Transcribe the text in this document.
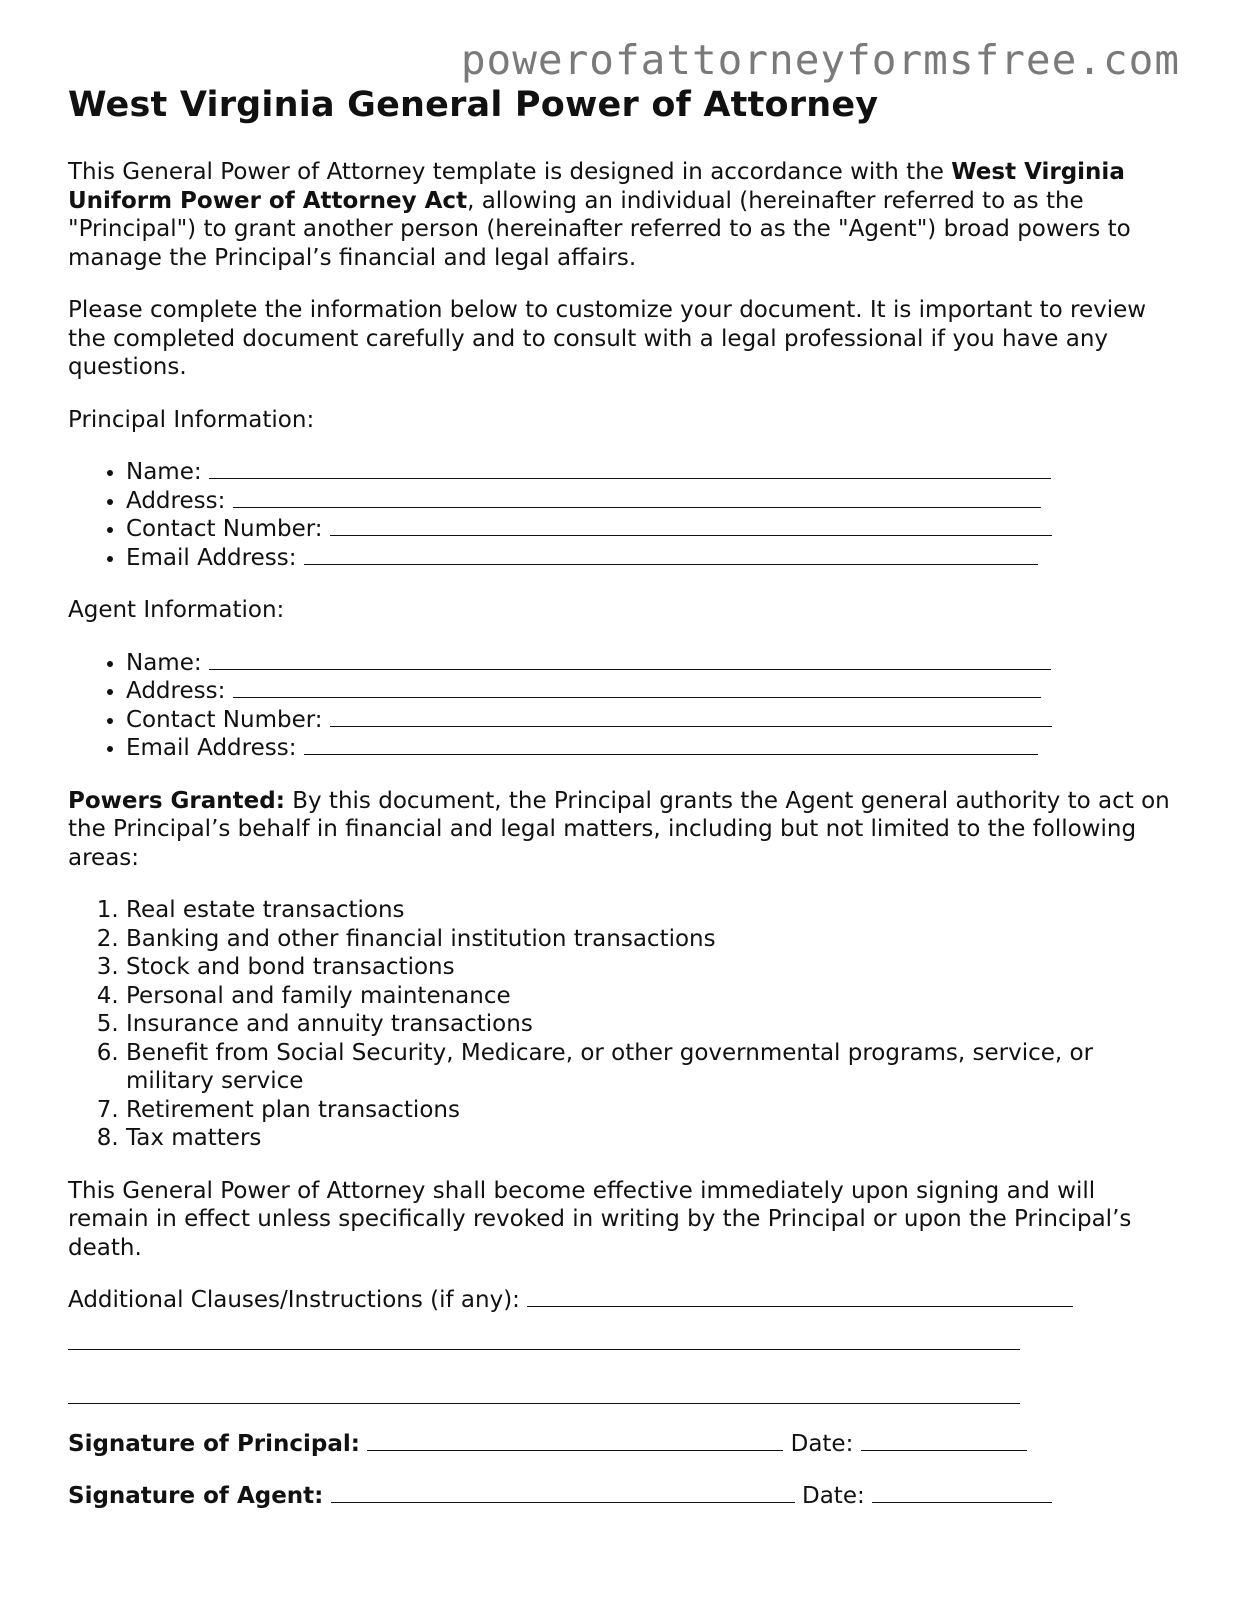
powerofattorneyformsfree.com
West Virginia General Power of Attorney

This General Power of Attorney template is designed in accordance with the West Virginia Uniform Power of Attorney Act, allowing an individual (hereinafter referred to as the "Principal") to grant another person (hereinafter referred to as the "Agent") broad powers to manage the Principal’s financial and legal affairs.

Please complete the information below to customize your document. It is important to review the completed document carefully and to consult with a legal professional if you have any questions.

Principal Information:
• Name:
• Address:
• Contact Number:
• Email Address:
Agent Information:
• Name:
• Address:
• Contact Number:
• Email Address:

Powers Granted: By this document, the Principal grants the Agent general authority to act on the Principal’s behalf in financial and legal matters, including but not limited to the following areas:

1. Real estate transactions
2. Banking and other financial institution transactions
3. Stock and bond transactions
4. Personal and family maintenance
5. Insurance and annuity transactions
6. Benefit from Social Security, Medicare, or other governmental programs, service, or military service
7. Retirement plan transactions
8. Tax matters

This General Power of Attorney shall become effective immediately upon signing and will remain in effect unless specifically revoked in writing by the Principal or upon the Principal’s death.

Additional Clauses/Instructions (if any):

Signature of Principal:	Date:

Signature of Agent:	Date:
